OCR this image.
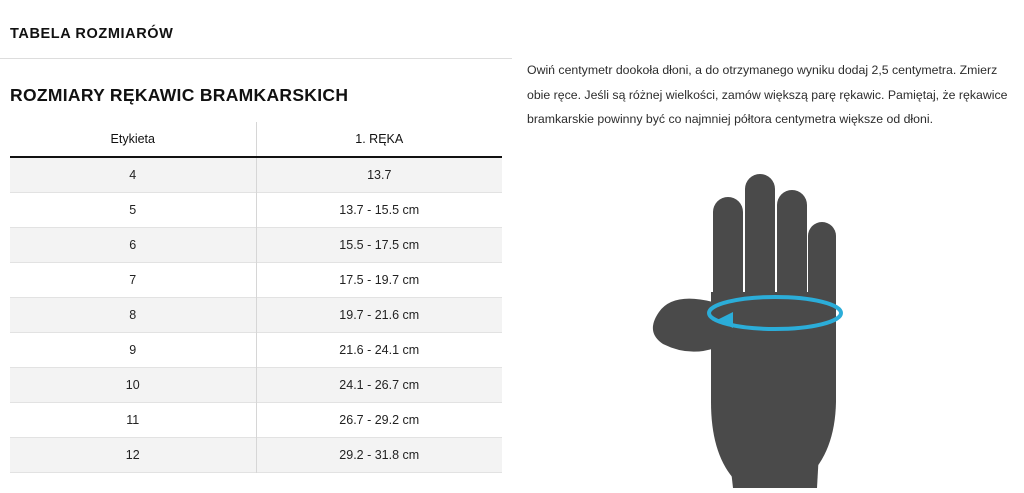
TABELA ROZMIARÓW
ROZMIARY RĘKAWIC BRAMKARSKICH
Etykieta	1. RĘKA
4	13.7
5	13.7 - 15.5 cm
6	15.5 - 17.5 cm
7	17.5 - 19.7 cm
8	19.7 - 21.6 cm
9	21.6 - 24.1 cm
10	24.1 - 26.7 cm
11	26.7 - 29.2 cm
12	29.2 - 31.8 cm
Owiń centymetr dookoła dłoni, a do otrzymanego wyniku dodaj 2,5 centymetra. Zmierz obie ręce. Jeśli są różnej wielkości, zamów większą parę rękawic. Pamiętaj, że rękawice bramkarskie powinny być co najmniej półtora centymetra większe od dłoni.
